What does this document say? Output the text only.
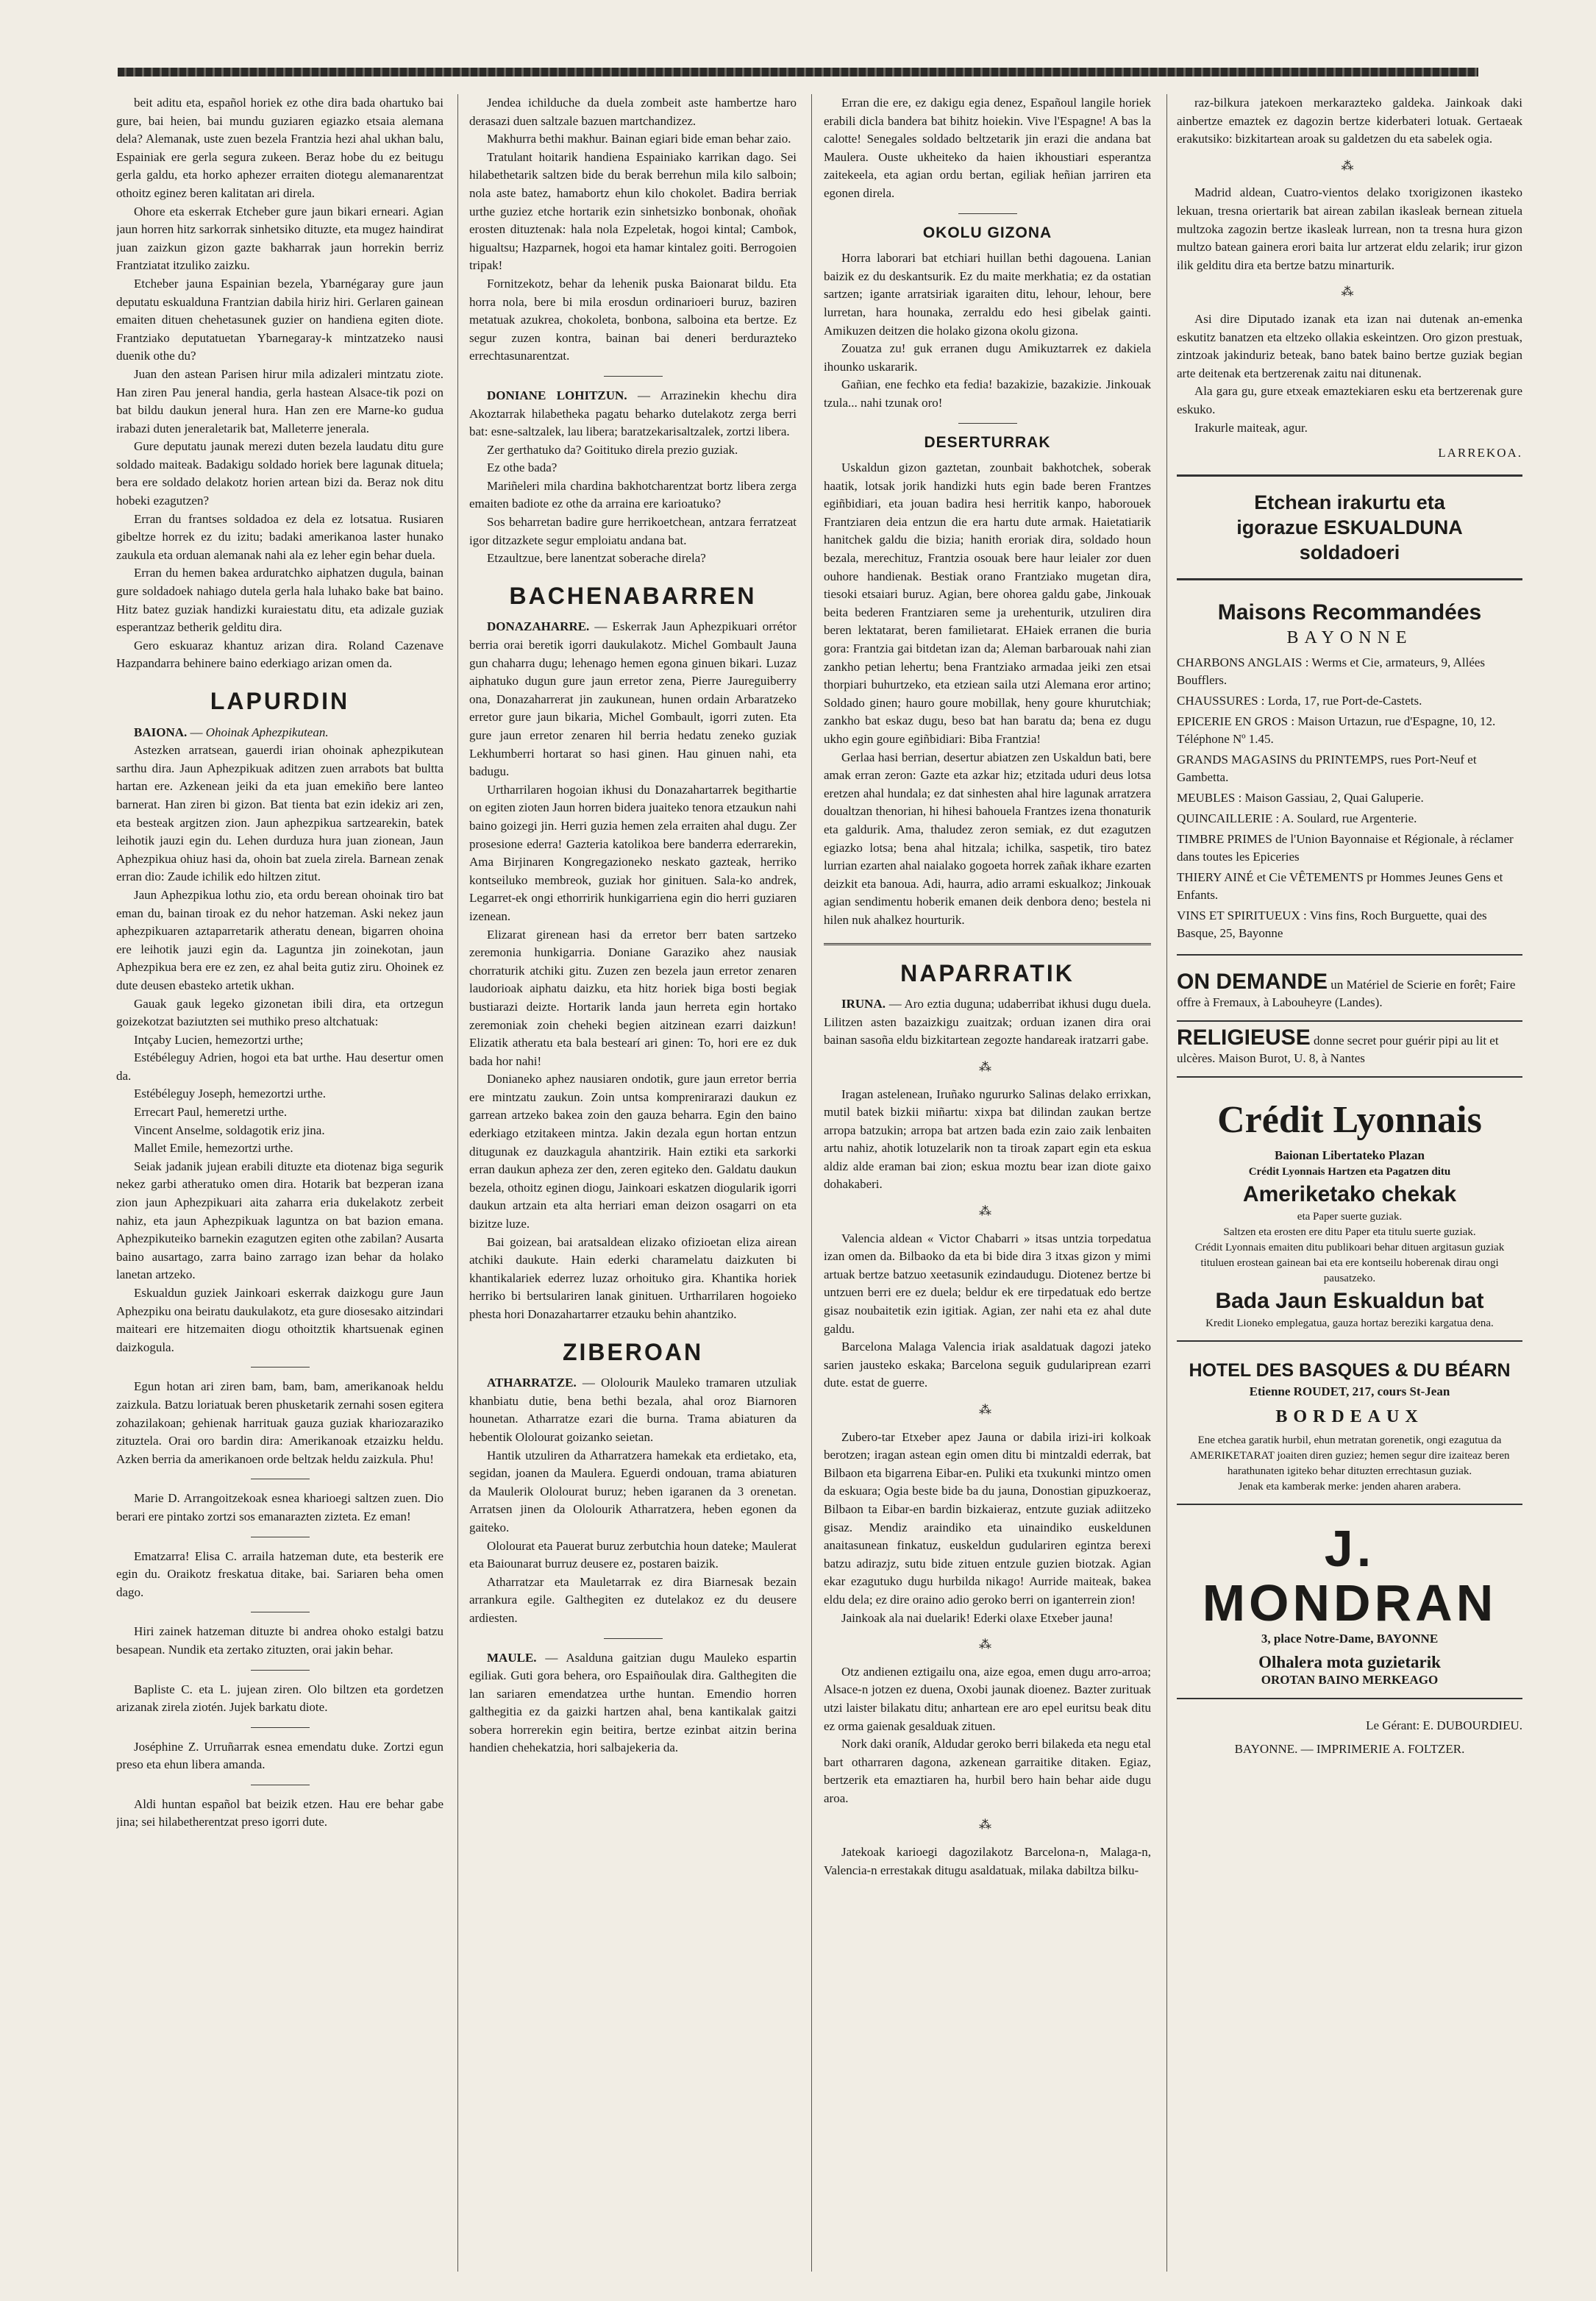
beit aditu eta, español horiek ez othe dira bada ohartuko bai gure, bai heien, bai mundu guziaren egiazko etsaia alemana dela? Alemanak, uste zuen bezela Frantzia hezi ahal ukhan balu, Espainiak ere gerla segura zukeen. Beraz hobe du ez beitugu gerla galdu, eta horko aphezer erraiten diotegu alemanarentzat othoitz eginez beren kalitatan ari direla.

Ohore eta eskerrak Etcheber gure jaun bikari erneari. Agian jaun horren hitz sarkorrak sinhetsiko dituzte, eta mugez haindirat juan zaizkun gizon gazte bakharrak jaun horrekin berriz Frantziatat itzuliko zaizku.

Etcheber jauna Espainian bezela, Ybarnégaray gure jaun deputatu eskualduna Frantzian dabila hiriz hiri. Gerlaren gainean emaiten dituen chehetasunek guzier on handiena egiten diote. Frantziako deputatuetan Ybarnegaray-k mintzatzeko nausi duenik othe du?

Juan den astean Parisen hirur mila adizaleri mintzatu ziote. Han ziren Pau jeneral handia, gerla hastean Alsace-tik pozi on bat bildu daukun jeneral hura. Han zen ere Marne-ko gudua irabazi duten jeneraletarik bat, Malleterre jenerala.

Gure deputatu jaunak merezi duten bezela laudatu ditu gure soldado maiteak. Badakigu soldado horiek bere lagunak dituela; bera ere soldado delakotz horien artean bizi da. Beraz nok ditu hobeki ezagutzen?

Erran du frantses soldadoa ez dela ez lotsatua. Rusiaren gibeltze horrek ez du izitu; badaki amerikanoa laster hunako zaukula eta orduan alemanak nahi ala ez leher egin behar duela.

Erran du hemen bakea arduratchko aiphatzen dugula, bainan gure soldadoek nahiago dutela gerla hala luhako bake bat baino. Hitz batez guziak handizki kuraiestatu ditu, eta adizale guziak esperantzaz betherik gelditu dira.

Gero eskuaraz khantuz arizan dira. Roland Cazenave Hazpandarra behinere baino ederkiago arizan omen da.

LAPURDIN

BAIONA. — Ohoinak Aphezpikutean.

Astezken arratsean, gauerdi irian ohoinak aphezpikutean sarthu dira. Jaun Aphezpikuak aditzen zuen arrabots bat bultta hartan ere. Azkenean jeiki da eta juan emekiño bere lanteo barnerat. Han ziren bi gizon. Bat tienta bat ezin idekiz ari zen, eta besteak argitzen zion. Jaun aphezpikua sartzearekin, batek leihotik jauzi egin du. Lehen durduza hura juan zionean, Jaun Aphezpikua ohiuz hasi da, ohoin bat zuela zirela. Barnean zenak erran dio: Zaude ichilik edo hiltzen zitut.

Jaun Aphezpikua lothu zio, eta ordu berean ohoinak tiro bat eman du, bainan tiroak ez du nehor hatzeman. Aski nekez jaun aphezpikuaren aztaparretarik atheratu denean, bigarren ohoina ere leihotik jauzi egin da. Laguntza jin zoinekotan, jaun Aphezpikua bera ere ez zen, ez ahal beita gutiz ziru. Ohoinek ez dute deusen ebasteko artetik ukhan.

Gauak gauk legeko gizonetan ibili dira, eta ortzegun goizekotzat baziutzten sei muthiko preso altchatuak:

Intçaby Lucien, hemezortzi urthe;

Estébéleguy Adrien, hogoi eta bat urthe. Hau desertur omen da.

Estébéleguy Joseph, hemezortzi urthe.

Errecart Paul, hemeretzi urthe.

Vincent Anselme, soldagotik eriz jina.

Mallet Emile, hemezortzi urthe.

Seiak jadanik jujean erabili dituzte eta diotenaz biga segurik nekez garbi atheratuko omen dira. Hotarik bat bezperan izana zion jaun Aphezpikuari aita zaharra eria dukelakotz zerbeit nahiz, eta jaun Aphezpikuak laguntza on bat bazion emana. Aphezpikuteiko barnekin ezagutzen egiten othe zabilan? Ausarta baino ausartago, zarra baino zarrago izan behar da holako lanetan artzeko.

Eskualdun guziek Jainkoari eskerrak daizkogu gure Jaun Aphezpiku ona beiratu daukulakotz, eta gure diosesako aitzindari maiteari ere hitzemaiten diogu othoitztik khartsuenak eginen daizkogula.

Egun hotan ari ziren bam, bam, bam, amerikanoak heldu zaizkula. Batzu loriatuak beren phusketarik zernahi sosen egitera zohazilakoan; gehienak harrituak gauza guziak khariozaraziko zituztela. Orai oro bardin dira: Amerikanoak etzaizku heldu. Azken berria da amerikanoen orde beltzak heldu zaizkula. Phu!

Marie D. Arrangoitzekoak esnea kharioegi saltzen zuen. Dio berari ere pintako zortzi sos emanarazten zizteta. Ez eman!

Ematzarra! Elisa C. arraila hatzeman dute, eta besterik ere egin du. Oraikotz freskatua ditake, bai. Sariaren beha omen dago.

Hiri zainek hatzeman dituzte bi andrea ohoko estalgi batzu besapean. Nundik eta zertako zituzten, orai jakin behar.

Bapliste C. eta L. jujean ziren. Olo biltzen eta gordetzen arizanak zirela ziotén. Jujek barkatu diote.

Joséphine Z. Urruñarrak esnea emendatu duke. Zortzi egun preso eta ehun libera amanda.

Aldi huntan español bat beizik etzen. Hau ere behar gabe jina; sei hilabetherentzat preso igorri dute.

Jendea ichilduche da duela zombeit aste hambertze haro derasazi duen saltzale bazuen martchandizez.

Makhurra bethi makhur. Bainan egiari bide eman behar zaio.

Tratulant hoitarik handiena Espainiako karrikan dago. Sei hilabethetarik saltzen bide du berak berrehun mila kilo salboin; nola aste batez, hamabortz ehun kilo chokolet. Badira berriak urthe guziez etche hortarik ezin sinhetsizko bonbonak, ohoñak erosten dituztenak: hala nola Ezpeletak, hogoi kintal; Cambok, higualtsu; Hazparnek, hogoi eta hamar kintalez goiti. Berrogoien tripak!

Fornitzekotz, behar da lehenik puska Baionarat bildu. Eta horra nola, bere bi mila erosdun ordinarioeri buruz, baziren metatuak azukrea, chokoleta, bonbona, salboina eta bertze. Ez segur zuzen kontra, bainan bai deneri berdurazteko errechtasunarentzat.

DONIANE LOHITZUN. — Arrazinekin khechu dira Akoztarrak hilabetheka pagatu beharko dutelakotz zerga berri bat: esne-saltzalek, lau libera; baratzekarisaltzalek, zortzi libera.

Zer gerthatuko da? Goitituko direla prezio guziak.

Ez othe bada?

Mariñeleri mila chardina bakhotcharentzat bortz libera zerga emaiten badiote ez othe da arraina ere karioatuko?

Sos beharretan badire gure herrikoetchean, antzara ferratzeat igor ditzazkete segur emploiatu andana bat.

Etzaultzue, bere lanentzat soberache direla?

BACHENABARREN

DONAZAHARRE. — Eskerrak Jaun Aphezpikuari orrétor berria orai beretik igorri daukulakotz. Michel Gombault Jauna gun chaharra dugu; lehenago hemen egona ginuen bikari. Luzaz aiphatuko dugun gure jaun erretor zena, Pierre Jaureguiberry ona, Donazaharrerat jin zaukunean, hunen ordain Arbaratzeko erretor gure jaun bikaria, Michel Gombault, igorri zuten. Eta gure jaun erretor zenaren hil berria hedatu zeneko guziak Lekhumberri hortarat so hasi ginen. Hau ginuen nahi, eta badugu.

Urtharrilaren hogoian ikhusi du Donazahartarrek begithartie on egiten zioten Jaun horren bidera juaiteko tenora etzaukun nahi baino goizegi jin. Herri guzia hemen zela erraiten ahal dugu. Zer prosesione ederra! Gazteria katolikoa bere banderra ederrarekin, Ama Birjinaren Kongregazioneko neskato gazteak, herriko kontseiluko membreok, guziak hor ginituen. Sala-ko andrek, Legarret-ek ongi ethorririk hunkigarriena egin dio herri guziaren izenean.

Elizarat girenean hasi da erretor berr baten sartzeko zeremonia hunkigarria. Doniane Garaziko ahez nausiak chorraturik atchiki gitu. Zuzen zen bezela jaun erretor zenaren laudorioak aiphatu daizku, eta hitz horiek biga bosti begiak bustiarazi deizte. Hortarik landa jaun herreta egin hortako zeremoniak zoin cheheki begien aitzinean ezarri daizkun! Elizatik atheratu eta bala bestearí ari ginen: To, hori ere ez duk bada hor nahi!

Donianeko aphez nausiaren ondotik, gure jaun erretor berria ere mintzatu zaukun. Zoin untsa komprenirarazi daukun ez garrean artzeko bakea zoin den gauza beharra. Egin den baino ederkiago etzitakeen mintza. Jakin dezala egun hortan entzun ditugunak ez dauzkagula ahantzirik. Hain eztiki eta sarkorki erran daukun aphezа zer den, zeren egiteko den. Galdatu daukun bezela, othoitz eginen diogu, Jainkoari eskatzen diogularik igorri daukun artzain eta alta herriari eman deizon osagarri on eta bizitze luze.

Bai goizean, bai aratsaldean elizako ofizioetan eliza airean atchiki daukute. Hain ederki charamelatu daizkuten bi khantikalariek ederrez luzaz orhoituko gira. Khantika horiek herriko bi bertsulariren lanak ginituen. Urtharrilaren hogoieko phesta hori Donazahartarrer etzauku behin ahantziko.

ZIBEROAN

ATHARRATZE. — Ololourik Mauleko tramaren utzuliak khanbiatu dutie, bena bethi bezala, ahal oroz Biarnoren hounetan. Atharratze ezari die burna. Trama abiaturen da hebentik Ololourat goizanko seietan.

Hantik utzuliren da Atharratzera hamekak eta erdietako, eta, segidan, joanen da Maulera. Eguerdi ondouan, trama abiaturen da Maulerik Ololourat buruz; heben igaranen da 3 orenetan. Arratsen jinen da Ololourik Atharratzera, heben egonen da gaiteko.

Ololourat eta Pauerat buruz zerbutchia houn dateke; Maulerat eta Baiounarat burruz deusere ez, postaren baizik.

Atharratzar eta Mauletarrak ez dira Biarnesak bezain arrankura egile. Galthegiten ez dutelakoz ez du deusere ardiesten.

MAULE. — Asalduna gaitzian dugu Mauleko espartin egiliak. Guti gora behera, oro Espaiñoulak dira. Galthegiten die lan sariaren emendatzea urthe huntan. Emendio horren galthegitia ez da gaizki hartzen ahal, bena kantikalak gaitzi sobera horrerekin egin beitira, bertze ezinbat aitzin berina handien chehekatzia, hori salbajekeria da.

Erran die ere, ez dakigu egia denez, Españoul langile horiek erabili dicla bandera bat bihitz hoiekin. Vive l'Espagne! A bas la calotte! Senegales soldado beltzetarik jin erazi die andana bat Maulera. Ouste ukheiteko da haien ikhoustiari esperantza zaitekeela, eta agian ordu bertan, egiliak heñian jarriren eta egonen direla.

OKOLU GIZONA

Horra laborari bat etchiari huillan bethi dagouena. Lanian baizik ez du deskantsurik. Ez du maite merkhatia; ez da ostatian sartzen; igante arratsiriak igaraiten ditu, lehour, lehour, bere lurretan, hara hounaka, zerraldu edo hesi gibelak gainti. Amikuzen deitzen die holako gizona okolu gizona.

Zouatza zu! guk erranen dugu Amikuztarrek ez dakiela ihounko uskararik.

Gañian, ene fechko eta fedia! bazakizie, bazakizie. Jinkouak tzula... nahi tzunak oro!

DESERTURRAK

Uskaldun gizon gaztetan, zounbait bakhotchek, soberak haatik, lotsak jorik handizki huts egin bade beren Frantzes egiñbidiari, eta jouan badira hesi herritik kanpo, haborouek Frantziaren deia entzun die era hartu dute armak. Haietatiarik hanitchek galdu die bizia; hanith eroriak dira, soldado houn bezala, merechituz, Frantzia osouak bere haur leialer zor duen ouhore handienak. Bestiak orano Frantziako mugetan dira, tiesoki etsaiari buruz. Agian, bere ohorea galdu gabe, Jinkouak beita bederen Frantziaren seme ja urehenturik, utzuliren dira beren lektatarat, beren familietarat. EHaiek erranen die buria gora: Frantzia gai bitdetan izan da; Aleman barbarouak nahi zian zankho petian lehertu; bena Frantziako armadaa jeiki zen etsai thorpiari buhurtzeko, eta etziean saila utzi Alemana eror artino; Soldado ginen; hauro goure mobillak, heny goure khurutchiak; zankho bat eskaz dugu, beso bat han baratu da; bena ez dugu ukho egin goure egiñbidiari: Biba Frantzia!

Gerlaa hasi berrian, desertur abiatzen zen Uskaldun bati, bere amak erran zeron: Gazte eta azkar hiz; etzitada uduri deus lotsa eretzen ahal hundala; ez dat sinhesten ahal hire lagunak arratzera doualtzan thenorian, hi hihesi bahouela Frantzes izena thonaturik eta galdurik. Ama, thaludez zeron semiak, ez dut ezagutzen egiazko lotsa; bena ahal hitzala; ichilka, saspetik, tiro batez lurrian ezarten ahal naialako gogoeta horrek zañak ikhare ezarten deizkit eta banoua. Adi, haurra, adio arrami eskualkoz; Jinkouak agian sendimentu hoberik emanen deik denbora deno; bestela ni hilen nuk ahalkez hourturik.

NAPARRATIK

IRUNA. — Aro eztia duguna; udaberribat ikhusi dugu duela. Lilitzen asten bazaizkigu zuaitzak; orduan izanen dira orai bainan sasoña eldu bizkitartean zegozte handareak iratzarri gabe.

⁂

Iragan astelenean, Iruñako ngururko Salinas delako errixkan, mutil batek bizkii miñartu: xixpa bat dilindan zaukan bertze arropa batzukin; arropa bat artzen bada ezin zaio zaik lenbaiten artu nahiz, ahotik lotuzelarik non ta tiroak zapart egin eta eskua aldiz alde eraman bai zion; eskua moztu bear izan diote gaixo dohakaberi.

⁂

Valencia aldean « Victor Chabarri » itsas untzia torpedatua izan omen da. Bilbaoko da eta bi bide dira 3 itxas gizon y mimi artuak bertze batzuo xeetasunik ezindaudugu. Diotenez bertze bi untzuen berri ere ez duela; beldur ek ere tirpedatuak edo bertze gisaz noubaitetik ezin igitiak. Agian, zer nahi eta ez ahal dute galdu.

Barcelona Malaga Valencia iriak asaldatuak dagozi jateko sarien jausteko eskaka; Barcelona seguik gudulariprean ezarri dute. estat de guerre.

⁂

Zubero-tar Etxeber apez Jauna or dabila irizi-iri kolkoak berotzen; iragan astean egin omen ditu bi mintzaldi ederrak, bat Bilbaon eta bigarrena Eibar-en. Puliki eta txukunki mintzo omen da eskuara; Ogia beste bide ba du jauna, Donostian gipuzkoeraz, Bilbaon ta Eibar-en bardin bizkaieraz, entzute guziak adiitzeko gisaz. Mendiz araindiko eta uinaindiko euskeldunen anaitasunean finkatuz, euskeldun gudulariren egintza berexi batzu adirazjz, sutu bide zituen entzule guzien biotzak. Agian ekar ezagutuko dugu hurbilda nikago! Aurride maiteak, bakea eldu dela; ez dire oraino adio geroko berri on iganterrein zion!

Jainkoak ala nai duelarik! Ederki olaxe Etxeber jauna!

⁂

Otz andienen eztigailu ona, aize egoa, emen dugu arro-arroa; Alsace-n jotzen ez duena, Oxobi jaunak dioenez. Bazter zurituak utzi laister bilakatu ditu; anhartean ere aro epel euritsu beak ditu ez orma gaienak gesalduak zituen.

Nork daki oraník, Aldudar geroko berri bilakeda eta negu etal bart otharraren dagona, azkenean garraitike ditaken. Egiaz, bertzerik eta emaztiaren ha, hurbil bero hain behar aide dugu aroa.

⁂

Jatekoak karioegi dagozilakotz Barcelona-n, Malaga-n, Valencia-n errestakak ditugu asaldatuak, milaka dabiltza bilku-

raz-bilkura jatekoen merkarazteko galdeka. Jainkoak daki ainbertze emaztek ez dagozin bertze kiderbateri lotuak. Gertaeak erakutsiko: bizkitartean aroak su galdetzen du eta sabelek ogia.

⁂

Madrid aldean, Cuatro-vientos delako txorigizonen ikasteko lekuan, tresna oriertarik bat airean zabilan ikasleak bernean zituela multzoka zagozin bertze ikasleak lurrean, non ta tresna hura gizon multzo batean gainera erori baita lur artzerat eldu zelarik; irur gizon ilik gelditu dira eta bertze batzu minarturik.

⁂

Asi dire Diputado izanak eta izan nai dutenak an-emenka eskutitz banatzen eta eltzeko ollakia eskeintzen. Oro gizon prestuak, zintzoak jakinduriz beteak, bano batek baino bertze guziak begian arte deitenak eta bertzerenak zaitu nai ditunenak.

Ala gara gu, gure etxeak emaztekiaren esku eta bertzerenak gure eskuko.

Irakurle maiteak, agur.

LARREKOA.
Etchean irakurtu eta
igorazue ESKUALDUNA
soldadoeri
Maisons Recommandées
BAYONNE
CHARBONS ANGLAIS : Werms et Cie, armateurs, 9, Allées Boufflers.
CHAUSSURES : Lorda, 17, rue Port-de-Castets.
EPICERIE EN GROS : Maison Urtazun, rue d'Espagne, 10, 12. Téléphone Nº 1.45.
GRANDS MAGASINS du PRINTEMPS, rues Port-Neuf et Gambetta.
MEUBLES : Maison Gassiau, 2, Quai Galuperie.
QUINCAILLERIE : A. Soulard, rue Argenterie.
TIMBRE PRIMES de l'Union Bayonnaise et Régionale, à réclamer dans toutes les Epiceries
THIERY AINÉ et Cie VÊTEMENTS pr Hommes Jeunes Gens et Enfants.
VINS ET SPIRITUEUX : Vins fins, Roch Burguette, quai des Basque, 25, Bayonne
ON DEMANDE un Matériel de Scierie en forêt; Faire offre à Fremaux, à Labouheyre (Landes).
RELIGIEUSE donne secret pour guérir pipi au lit et ulcères. Maison Burot, U. 8, à Nantes
Crédit Lyonnais
Baionan Libertateko Plazan
Crédit Lyonnais Hartzen eta Pagatzen ditu
Ameriketako chekak
eta Paper suerte guziak.
Saltzen eta erosten ere ditu Paper eta titulu suerte guziak.
Crédit Lyonnais emaiten ditu publikoari behar dituen argitasun guziak tituluen erostean gainean bai eta ere kontseilu hoberenak dirau ongi pausatzeko.
Bada Jaun Eskualdun bat
Kredit Lioneko emplegatua, gauza hortaz bereziki kargatua dena.
HOTEL DES BASQUES & DU BÉARN
Etienne ROUDET, 217, cours St-Jean
BORDEAUX
Ene etchea garatik hurbil, ehun metratan gorenetik, ongi ezagutua da AMERIKETARAT joaiten diren guziez; hemen segur dire izaiteaz beren harathunaten igiteko behar dituzten errechtasun guziak.
Jenak eta kamberak merke: jenden aharen arabera.
J. MONDRAN
3, place Notre-Dame, BAYONNE
Olhalera mota guzietarik
OROTAN BAINO MERKEAGO
Le Gérant: E. DUBOURDIEU.
BAYONNE. — IMPRIMERIE A. FOLTZER.
